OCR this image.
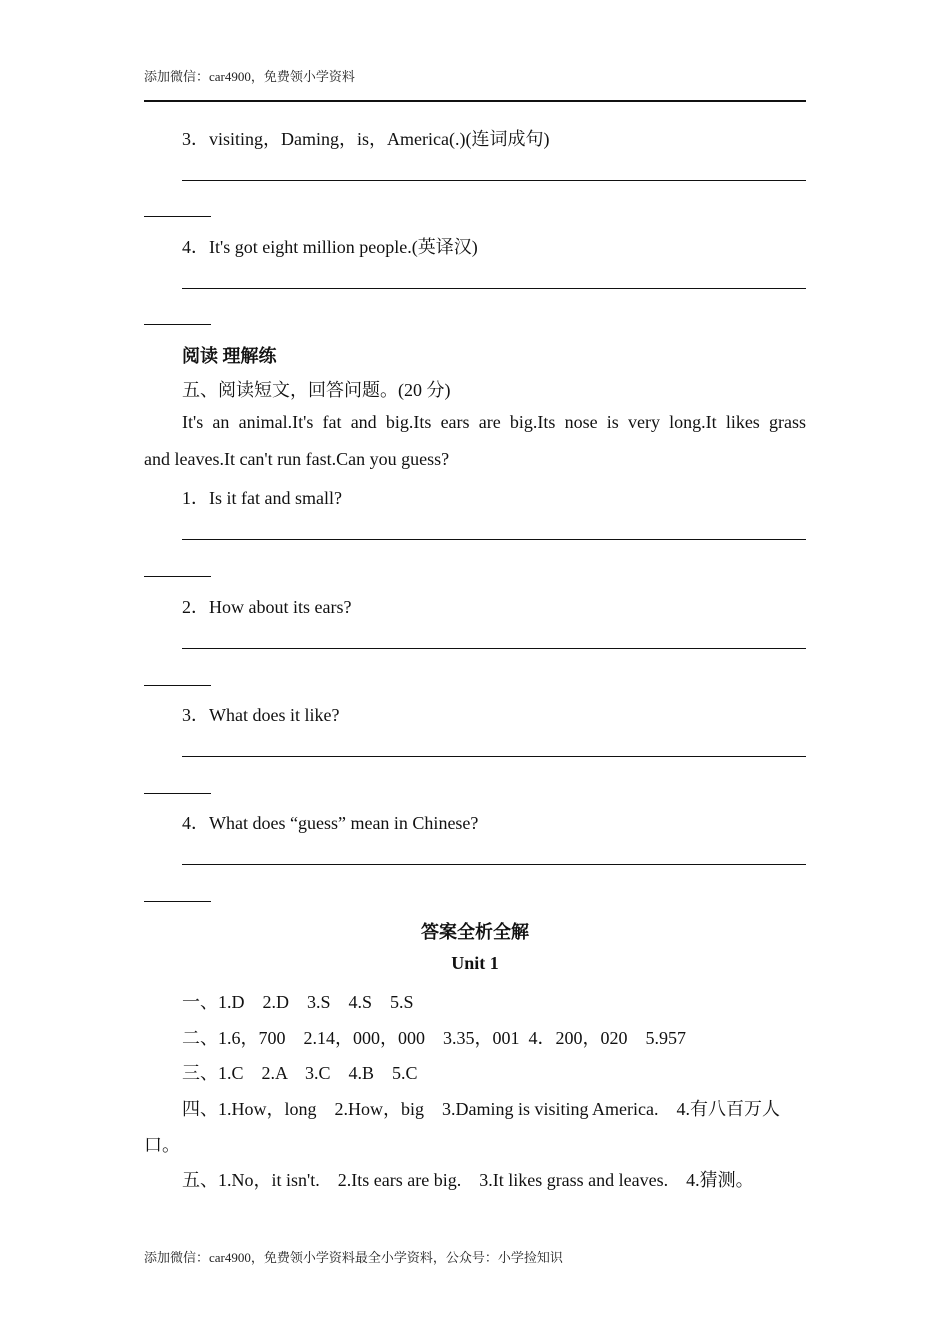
添加微信：car4900，免费领小学资料
3．visiting，Daming，is，America(.)(连词成句)
4．It's got eight million people.(英译汉)
阅读 理解练
五、阅读短文，回答问题。(20 分)
It's an animal.It's fat and big.Its ears are big.Its nose is very long.It likes grass
and leaves.It can't run fast.Can you guess?
1．Is it fat and small?
2．How about its ears?
3．What does it like?
4．What does “guess” mean in Chinese?
答案全析全解
Unit 1
一、1.D    2.D    3.S    4.S    5.S
二、1.6，700    2.14，000，000    3.35，001  4．200，020    5.957
三、1.C    2.A    3.C    4.B    5.C
四、1.How，long    2.How，big    3.Daming is visiting America.    4.有八百万人
口。
五、1.No，it isn't.    2.Its ears are big.    3.It likes grass and leaves.    4.猜测。
添加微信：car4900，免费领小学资料最全小学资料，公众号：小学捡知识
